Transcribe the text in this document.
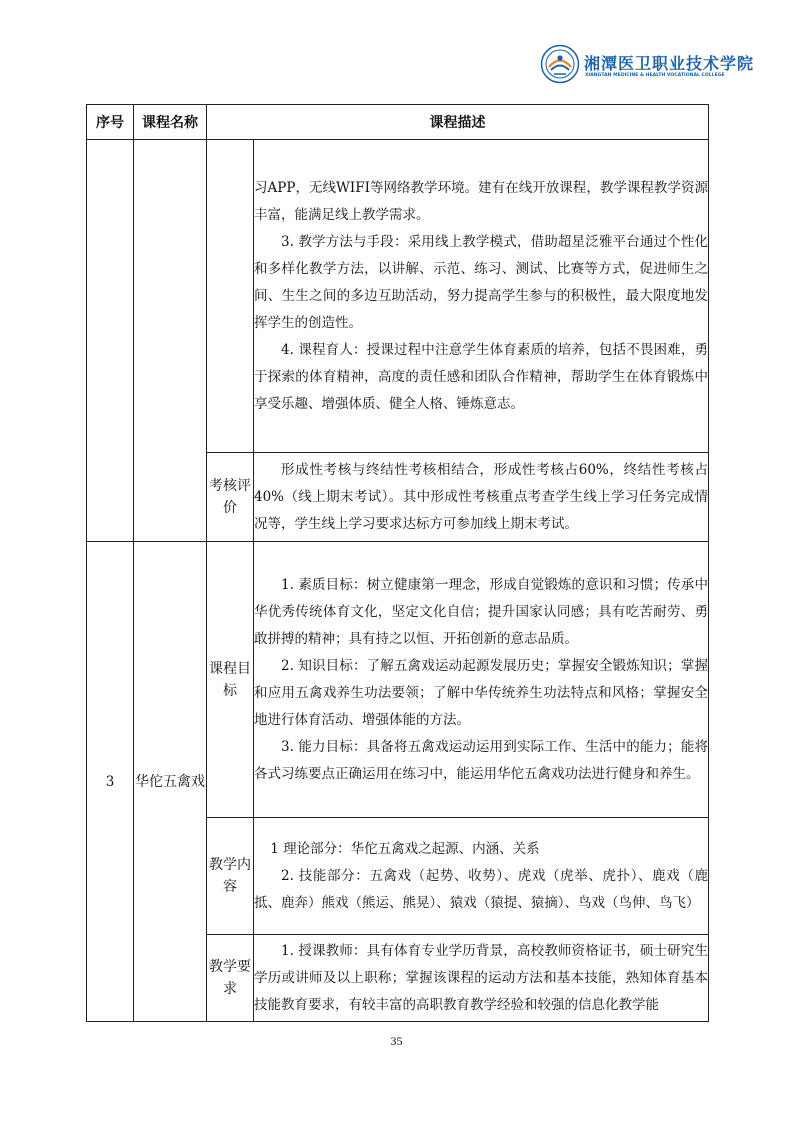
湘潭医卫职业技术学院
XIANGTAN MEDICINE & HEALTH VOCATIONAL COLLEGE
序号	课程名称	课程描述	

			习APP，无线WIFI等网络教学环境。建有在线开放课程，教学课程教学资源丰富，能满足线上教学需求。

3. 教学方法与手段：采用线上教学模式，借助超星泛雅平台通过个性化和多样化教学方法，以讲解、示范、练习、测试、比赛等方式，促进师生之间、生生之间的多边互助活动，努力提高学生参与的积极性，最大限度地发挥学生的创造性。

4. 课程育人：授课过程中注意学生体育素质的培养，包括不畏困难，勇于探索的体育精神，高度的责任感和团队合作精神，帮助学生在体育锻炼中享受乐趣、增强体质、健全人格、锤炼意志。

		考核评价	形成性考核与终结性考核相结合，形成性考核占60%，终结性考核占40%（线上期末考试）。其中形成性考核重点考查学生线上学习任务完成情况等，学生线上学习要求达标方可参加线上期末考试。

3	华佗五禽戏	课程目标	1. 素质目标：树立健康第一理念，形成自觉锻炼的意识和习惯；传承中华优秀传统体育文化，坚定文化自信；提升国家认同感；具有吃苦耐劳、勇敢拼搏的精神；具有持之以恒、开拓创新的意志品质。

2. 知识目标：了解五禽戏运动起源发展历史；掌握安全锻炼知识；掌握和应用五禽戏养生功法要领；了解中华传统养生功法特点和风格；掌握安全地进行体育活动、增强体能的方法。

3. 能力目标：具备将五禽戏运动运用到实际工作、生活中的能力；能将各式习练要点正确运用在练习中，能运用华佗五禽戏功法进行健身和养生。

		教学内容	1 理论部分：华佗五禽戏之起源、内涵、关系

2. 技能部分：五禽戏（起势、收势）、虎戏（虎举、虎扑）、鹿戏（鹿抵、鹿奔）熊戏（熊运、熊晃）、猿戏（猿提、猿摘）、鸟戏（鸟伸、鸟飞）

		教学要求	1. 授课教师：具有体育专业学历背景，高校教师资格证书，硕士研究生学历或讲师及以上职称；掌握该课程的运动方法和基本技能，熟知体育基本技能教育要求，有较丰富的高职教育教学经验和较强的信息化教学能

35
